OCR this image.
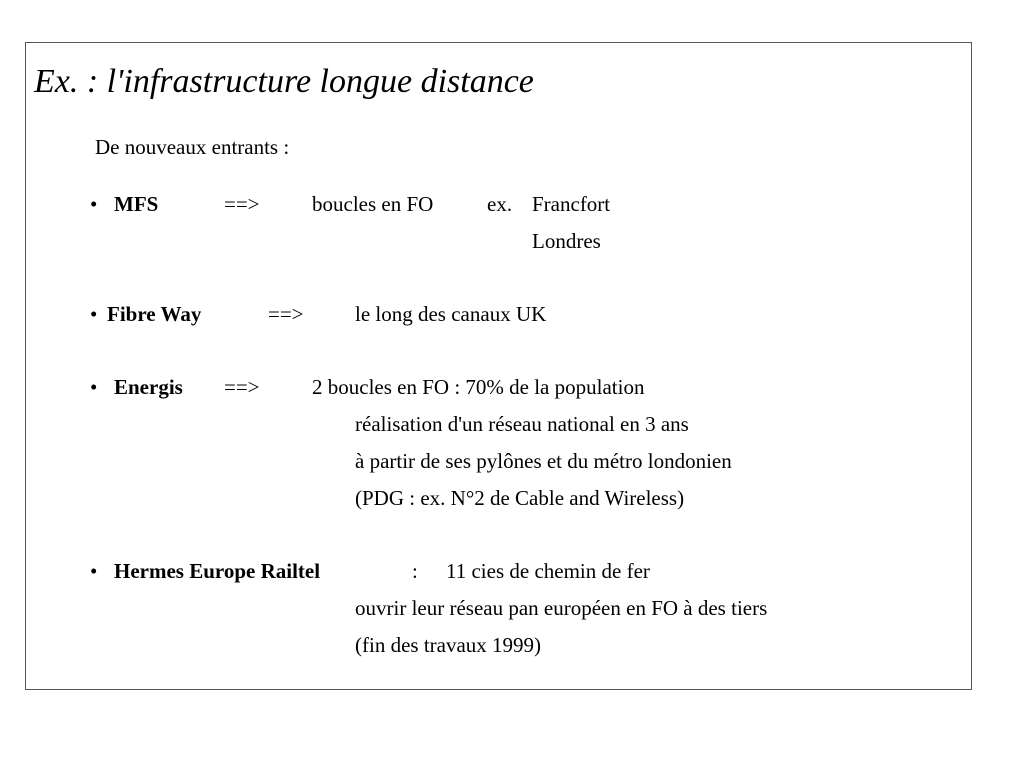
Ex. : l'infrastructure longue distance
De nouveaux entrants :
• MFS	==> boucles en FO	ex. Francfort
Londres
• Fibre Way	==> le long des canaux UK
• Energis ==> 2 boucles en FO : 70% de la population
réalisation d'un réseau national en 3 ans
à partir de ses pylônes et du métro londonien
(PDG : ex. N°2 de Cable and Wireless)
• Hermes Europe Railtel	: 11 cies de chemin de fer
ouvrir leur réseau pan européen en FO à des tiers
(fin des travaux 1999)
